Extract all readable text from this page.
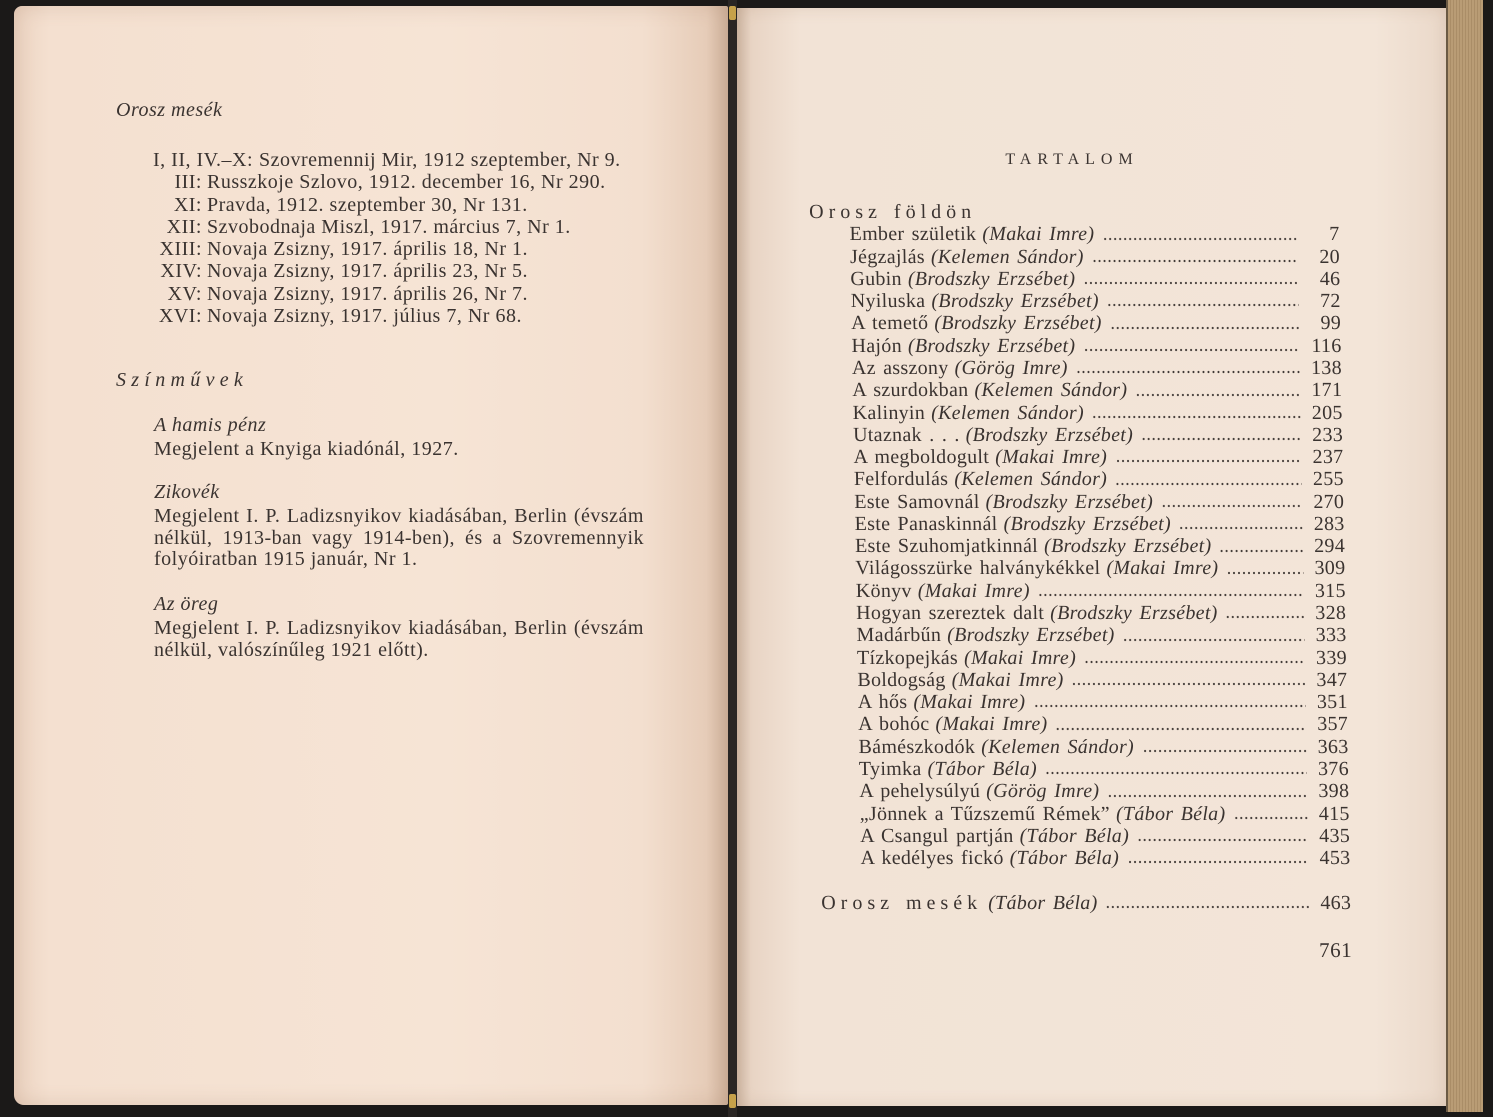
Orosz mesék
I, II, IV.–X: Szovremennij Mir, 1912 szeptember, Nr 9.
III: Russzkoje Szlovo, 1912. december 16, Nr 290.
XI: Pravda, 1912. szeptember 30, Nr 131.
XII: Szvobodnaja Miszl, 1917. március 7, Nr 1.
XIII: Novaja Zsizny, 1917. április 18, Nr 1.
XIV: Novaja Zsizny, 1917. április 23, Nr 5.
XV: Novaja Zsizny, 1917. április 26, Nr 7.
XVI: Novaja Zsizny, 1917. július 7, Nr 68.
Színművek
A hamis pénz
Megjelent a Knyiga kiadónál, 1927.
Zikovék
Megjelent I. P. Ladizsnyikov kiadásában, Berlin (évszám
nélkül, 1913-ban vagy 1914-ben), és a Szovremennyik
folyóiratban 1915 január, Nr 1.
Az öreg
Megjelent I. P. Ladizsnyikov kiadásában, Berlin (évszám
nélkül, valószínűleg 1921 előtt).
TARTALOM
Orosz földön
Ember születik (Makai Imre)	7
Jégzajlás (Kelemen Sándor)	20
Gubin (Brodszky Erzsébet)	46
Nyiluska (Brodszky Erzsébet)	72
A temető (Brodszky Erzsébet)	99
Hajón (Brodszky Erzsébet)	116
Az asszony (Görög Imre)	138
A szurdokban (Kelemen Sándor)	171
Kalinyin (Kelemen Sándor)	205
Utaznak . . . (Brodszky Erzsébet)	233
A megboldogult (Makai Imre)	237
Felfordulás (Kelemen Sándor)	255
Este Samovnál (Brodszky Erzsébet)	270
Este Panaskinnál (Brodszky Erzsébet)	283
Este Szuhomjatkinnál (Brodszky Erzsébet)	294
Világosszürke halványkékkel (Makai Imre)	309
Könyv (Makai Imre)	315
Hogyan szereztek dalt (Brodszky Erzsébet)	328
Madárbűn (Brodszky Erzsébet)	333
Tízkopejkás (Makai Imre)	339
Boldogság (Makai Imre)	347
A hős (Makai Imre)	351
A bohóc (Makai Imre)	357
Bámészkodók (Kelemen Sándor)	363
Tyimka (Tábor Béla)	376
A pehelysúlyú (Görög Imre)	398
„Jönnek a Tűzszemű Rémek” (Tábor Béla)	415
A Csangul partján (Tábor Béla)	435
A kedélyes fickó (Tábor Béla)	453
Orosz mesék (Tábor Béla)	463
761
